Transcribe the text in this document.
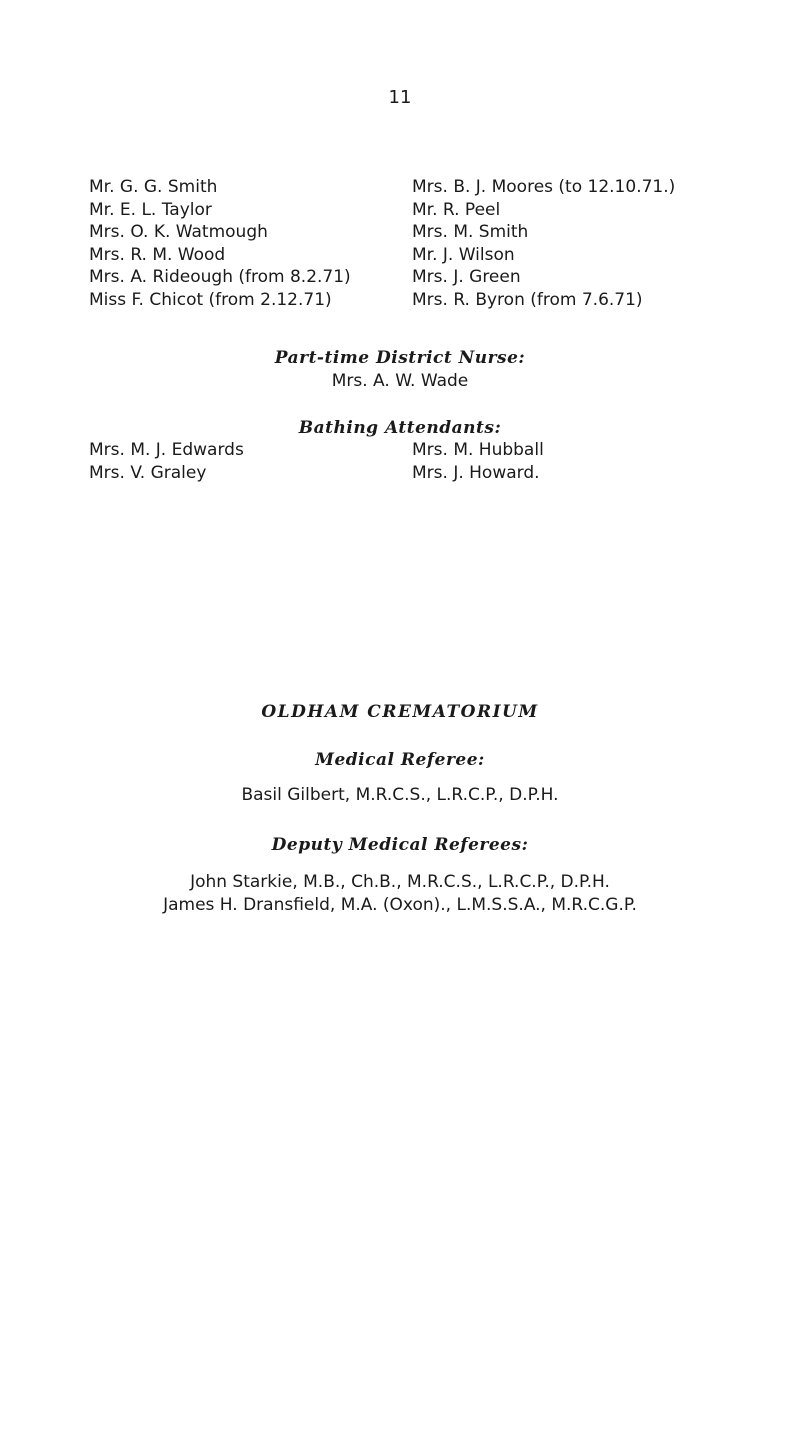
11
Mr. G. G. Smith
Mr. E. L. Taylor
Mrs. O. K. Watmough
Mrs. R. M. Wood
Mrs. A. Rideough (from 8.2.71)
Miss F. Chicot (from 2.12.71)
Mrs. B. J. Moores (to 12.10.71.)
Mr. R. Peel
Mrs. M. Smith
Mr. J. Wilson
Mrs. J. Green
Mrs. R. Byron (from 7.6.71)
Part-time District Nurse:
Mrs. A. W. Wade
Bathing Attendants:
Mrs. M. J. Edwards	Mrs. M. Hubball
Mrs. V. Graley	Mrs. J. Howard.
OLDHAM CREMATORIUM
Medical Referee:
Basil Gilbert, M.R.C.S., L.R.C.P., D.P.H.
Deputy Medical Referees:
John Starkie, M.B., Ch.B., M.R.C.S., L.R.C.P., D.P.H.
James H. Dransfield, M.A. (Oxon)., L.M.S.S.A., M.R.C.G.P.
